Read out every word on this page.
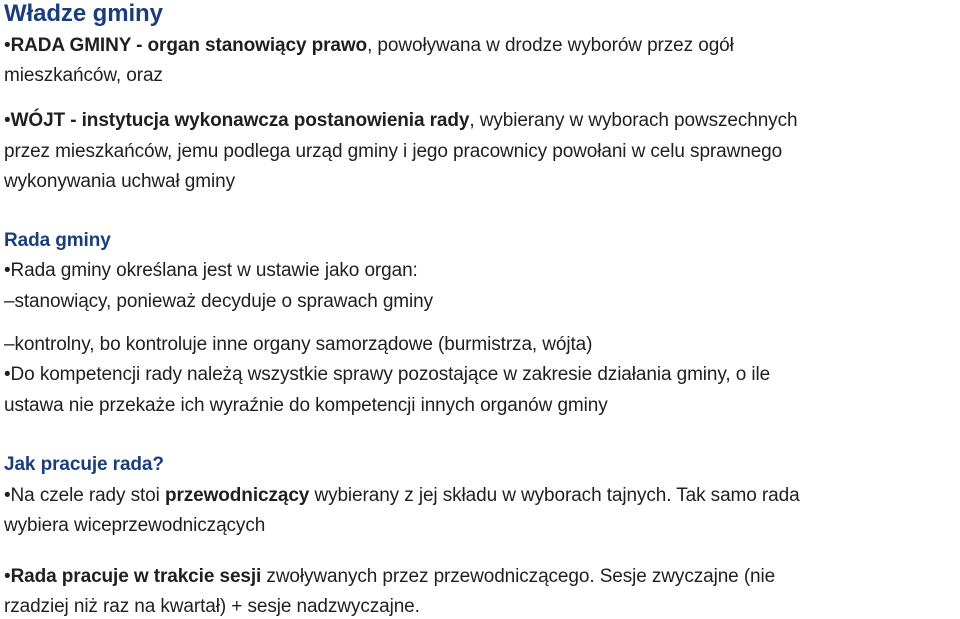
Władze gminy
•RADA GMINY - organ stanowiący prawo, powoływana w drodze wyborów przez ogół
mieszkańców, oraz
•WÓJT - instytucja wykonawcza postanowienia rady, wybierany w wyborach powszechnych
przez mieszkańców, jemu podlega urząd gminy i jego pracownicy powołani w celu sprawnego
wykonywania uchwał gminy
Rada gminy
•Rada gminy określana jest w ustawie jako organ:
–stanowiący, ponieważ decyduje o sprawach gminy
–kontrolny, bo kontroluje inne organy samorządowe (burmistrza, wójta)
•Do kompetencji rady należą wszystkie sprawy pozostające w zakresie działania gminy, o ile
ustawa nie przekaże ich wyraźnie do kompetencji innych organów gminy
Jak pracuje rada?
•Na czele rady stoi przewodniczący wybierany z jej składu w wyborach tajnych. Tak samo rada
wybiera wiceprzewodniczących
•Rada pracuje w trakcie sesji zwoływanych przez przewodniczącego. Sesje zwyczajne (nie
rzadziej niż raz na kwartał) + sesje nadzwyczajne.
